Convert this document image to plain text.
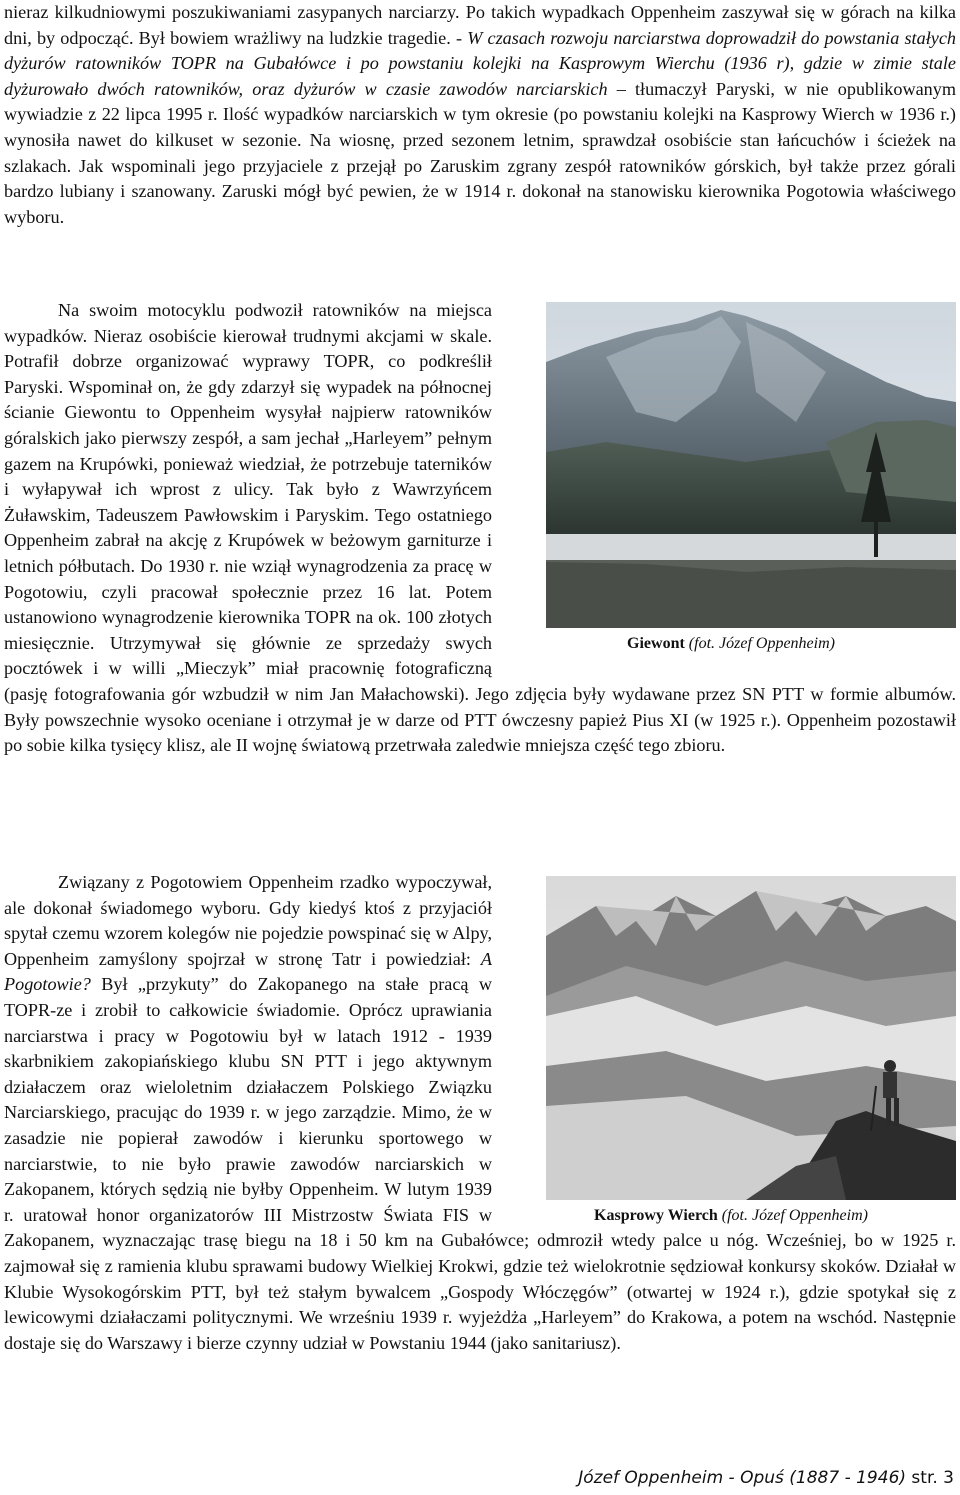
nieraz kilkudniowymi poszukiwaniami zasypanych narciarzy. Po takich wypadkach Oppenheim zaszywał się w górach na kilka dni, by odpocząć. Był bowiem wrażliwy na ludzkie tragedie. - W czasach rozwoju narciarstwa doprowadził do powstania stałych dyżurów ratowników TOPR na Gubałówce i po powstaniu kolejki na Kasprowym Wierchu (1936 r), gdzie w zimie stale dyżurowało dwóch ratowników, oraz dyżurów w czasie zawodów narciarskich – tłumaczył Paryski, w nie opublikowanym wywiadzie z 22 lipca 1995 r. Ilość wypadków narciarskich w tym okresie (po powstaniu kolejki na Kasprowy Wierch w 1936 r.) wynosiła nawet do kilkuset w sezonie. Na wiosnę, przed sezonem letnim, sprawdzał osobiście stan łańcuchów i ścieżek na szlakach. Jak wspominali jego przyjaciele z przejął po Zaruskim zgrany zespół ratowników górskich, był także przez górali bardzo lubiany i szanowany. Zaruski mógł być pewien, że w 1914 r. dokonał na stanowisku kierownika Pogotowia właściwego wyboru.

Giewont (fot. Józef Oppenheim)
Na swoim motocyklu podwoził ratowników na miejsca wypadków. Nieraz osobiście kierował trudnymi akcjami w skale. Potrafił dobrze organizować wyprawy TOPR, co podkreślił Paryski. Wspominał on, że gdy zdarzył się wypadek na północnej ścianie Giewontu to Oppenheim wysyłał najpierw ratowników góralskich jako pierwszy zespół, a sam jechał „Harleyem” pełnym gazem na Krupówki, ponieważ wiedział, że potrzebuje taterników i wyłapywał ich wprost z ulicy. Tak było z Wawrzyńcem Żuławskim, Tadeuszem Pawłowskim i Paryskim. Tego ostatniego Oppenheim zabrał na akcję z Krupówek w beżowym garniturze i letnich półbutach. Do 1930 r. nie wziął wynagrodzenia za pracę w Pogotowiu, czyli pracował społecznie przez 16 lat. Potem ustanowiono wynagrodzenie kierownika TOPR na ok. 100 złotych miesięcznie. Utrzymywał się głównie ze sprzedaży swych pocztówek i w willi „Mieczyk” miał pracownię fotograficzną (pasję fotografowania gór wzbudził w nim Jan Małachowski). Jego zdjęcia były wydawane przez SN PTT w formie albumów. Były powszechnie wysoko oceniane i otrzymał je w darze od PTT ówczesny papież Pius XI (w 1925 r.). Oppenheim pozostawił po sobie kilka tysięcy klisz, ale II wojnę światową przetrwała zaledwie mniejsza część tego zbioru.

Kasprowy Wierch (fot. Józef Oppenheim)
Związany z Pogotowiem Oppenheim rzadko wypoczywał, ale dokonał świadomego wyboru. Gdy kiedyś ktoś z przyjaciół spytał czemu wzorem kolegów nie pojedzie powspinać się w Alpy, Oppenheim zamyślony spojrzał w stronę Tatr i powiedział: A Pogotowie? Był „przykuty” do Zakopanego na stałe pracą w TOPR-ze i zrobił to całkowicie świadomie. Oprócz uprawiania narciarstwa i pracy w Pogotowiu był w latach 1912 - 1939 skarbnikiem zakopiańskiego klubu SN PTT i jego aktywnym działaczem oraz wieloletnim działaczem Polskiego Związku Narciarskiego, pracując do 1939 r. w jego zarządzie. Mimo, że w zasadzie nie popierał zawodów i kierunku sportowego w narciarstwie, to nie było prawie zawodów narciarskich w Zakopanem, których sędzią nie byłby Oppenheim. W lutym 1939 r. uratował honor organizatorów III Mistrzostw Świata FIS w Zakopanem, wyznaczając trasę biegu na 18 i 50 km na Gubałówce; odmroził wtedy palce u nóg. Wcześniej, bo w 1925 r. zajmował się z ramienia klubu sprawami budowy Wielkiej Krokwi, gdzie też wielokrotnie sędziował konkursy skoków. Działał w Klubie Wysokogórskim PTT, był też stałym bywalcem „Gospody Włóczęgów” (otwartej w 1924 r.), gdzie spotykał się z lewicowymi działaczami politycznymi. We wrześniu 1939 r. wyjeżdża „Harleyem” do Krakowa, a potem na wschód. Następnie dostaje się do Warszawy i bierze czynny udział w Powstaniu 1944 (jako sanitariusz).

Józef Oppenheim - Opuś (1887 - 1946) str. 3
